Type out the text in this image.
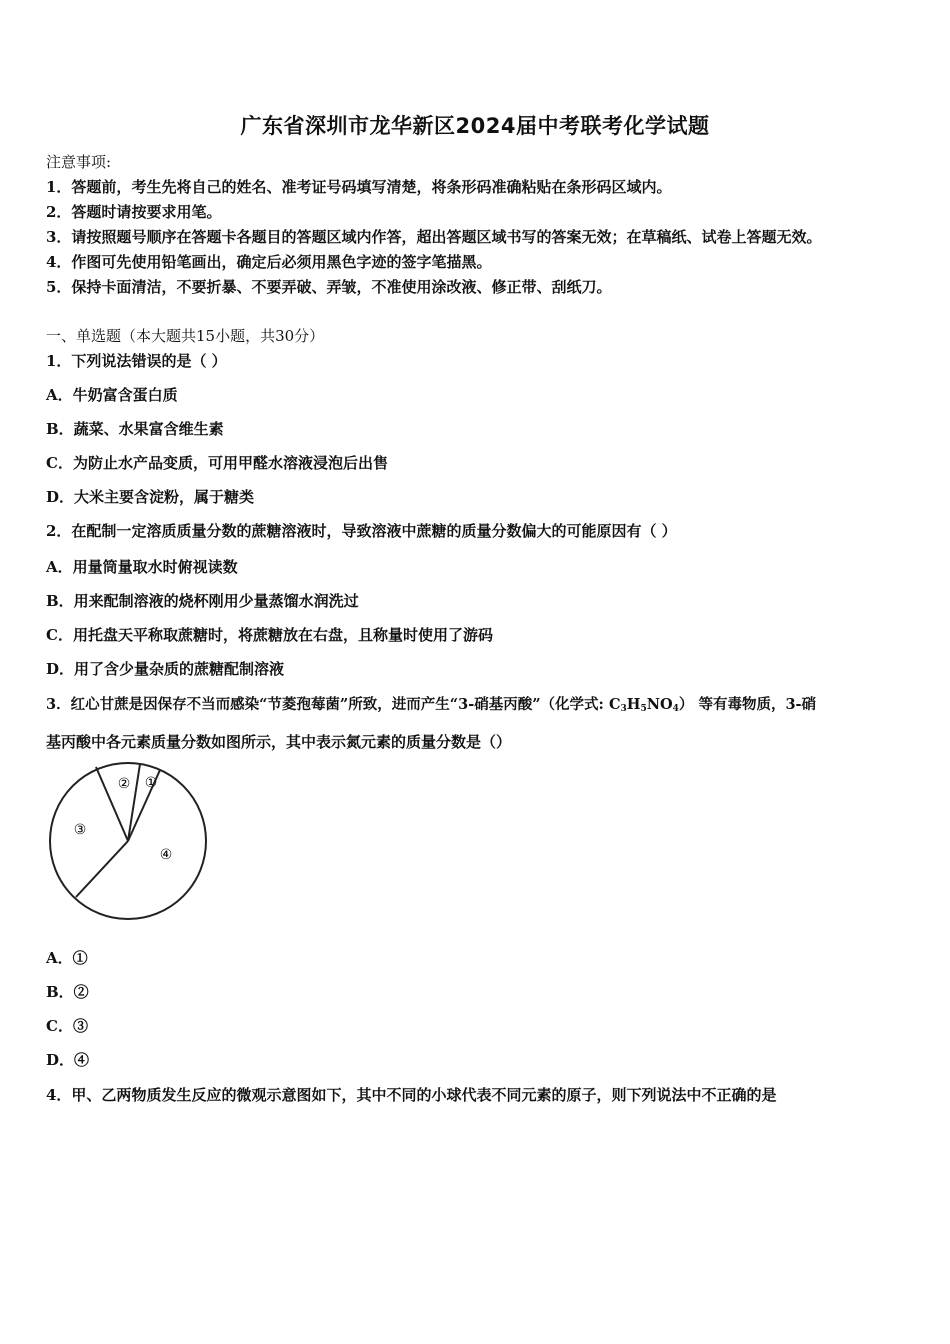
广东省深圳市龙华新区2024届中考联考化学试题
注意事项:
1．答题前，考生先将自己的姓名、准考证号码填写清楚，将条形码准确粘贴在条形码区域内。
2．答题时请按要求用笔。
3．请按照题号顺序在答题卡各题目的答题区域内作答，超出答题区域书写的答案无效；在草稿纸、试卷上答题无效。
4．作图可先使用铅笔画出，确定后必须用黑色字迹的签字笔描黑。
5．保持卡面清洁，不要折暴、不要弄破、弄皱，不准使用涂改液、修正带、刮纸刀。
一、单选题（本大题共15小题，共30分）
1．下列说法错误的是（ ）
A．牛奶富含蛋白质
B．蔬菜、水果富含维生素
C．为防止水产品变质，可用甲醛水溶液浸泡后出售
D．大米主要含淀粉，属于糖类
2．在配制一定溶质质量分数的蔗糖溶液时，导致溶液中蔗糖的质量分数偏大的可能原因有（ ）
A．用量筒量取水时俯视读数
B．用来配制溶液的烧杯刚用少量蒸馏水润洗过
C．用托盘天平称取蔗糖时，将蔗糖放在右盘，且称量时使用了游码
D．用了含少量杂质的蔗糖配制溶液
3．红心甘蔗是因保存不当而感染“节菱孢莓菌”所致，进而产生“3-硝基丙酸”（化学式: $C_3H_5NO_4$） 等有毒物质，3-硝
基丙酸中各元素质量分数如图所示，其中表示氮元素的质量分数是（）
①
②
③
④
A．①
B．②
C．③
D．④
4．甲、乙两物质发生反应的微观示意图如下，其中不同的小球代表不同元素的原子，则下列说法中不正确的是
